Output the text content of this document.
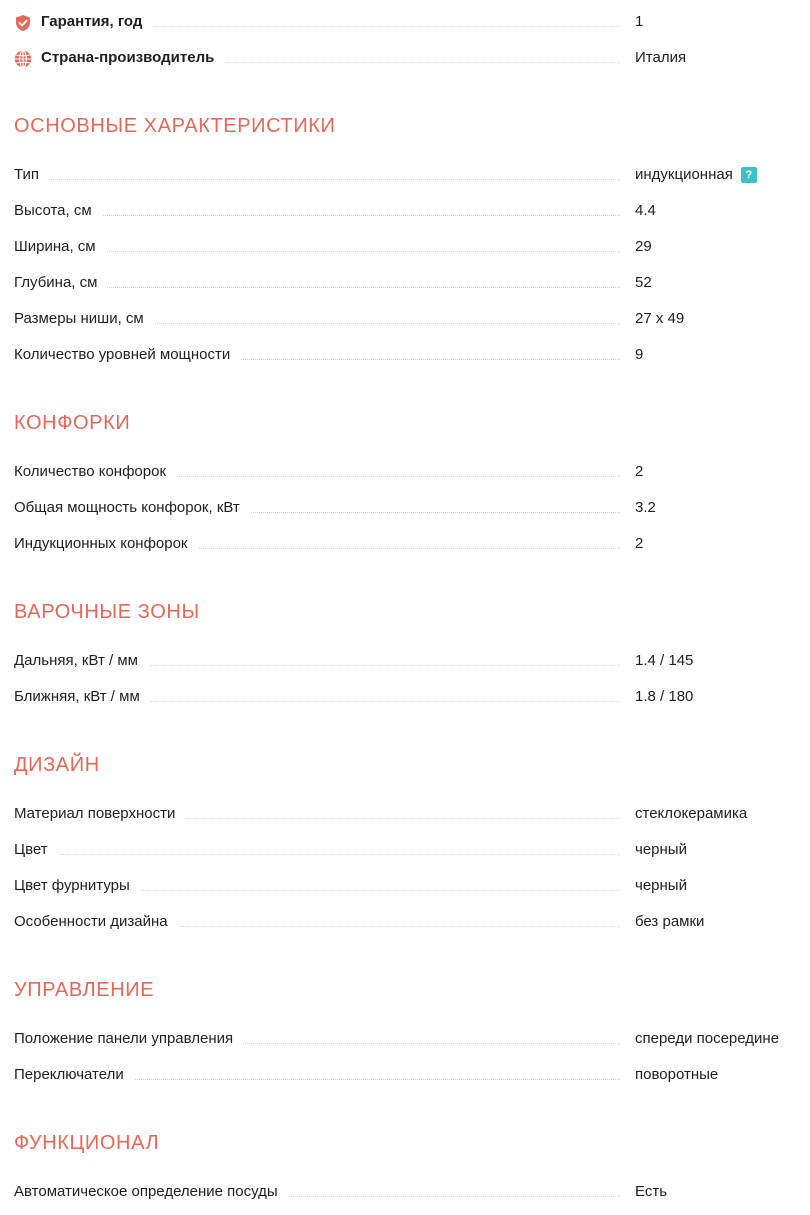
Гарантия, год	1
Страна-производитель	Италия
ОСНОВНЫЕ ХАРАКТЕРИСТИКИ
Тип	индукционная ?
Высота, см	4.4
Ширина, см	29
Глубина, см	52
Размеры ниши, см	27 x 49
Количество уровней мощности	9
КОНФОРКИ
Количество конфорок	2
Общая мощность конфорок, кВт	3.2
Индукционных конфорок	2
ВАРОЧНЫЕ ЗОНЫ
Дальняя, кВт / мм	1.4 / 145
Ближняя, кВт / мм	1.8 / 180
ДИЗАЙН
Материал поверхности	стеклокерамика
Цвет	черный
Цвет фурнитуры	черный
Особенности дизайна	без рамки
УПРАВЛЕНИЕ
Положение панели управления	спереди посередине
Переключатели	поворотные
ФУНКЦИОНАЛ
Автоматическое определение посуды	Есть
